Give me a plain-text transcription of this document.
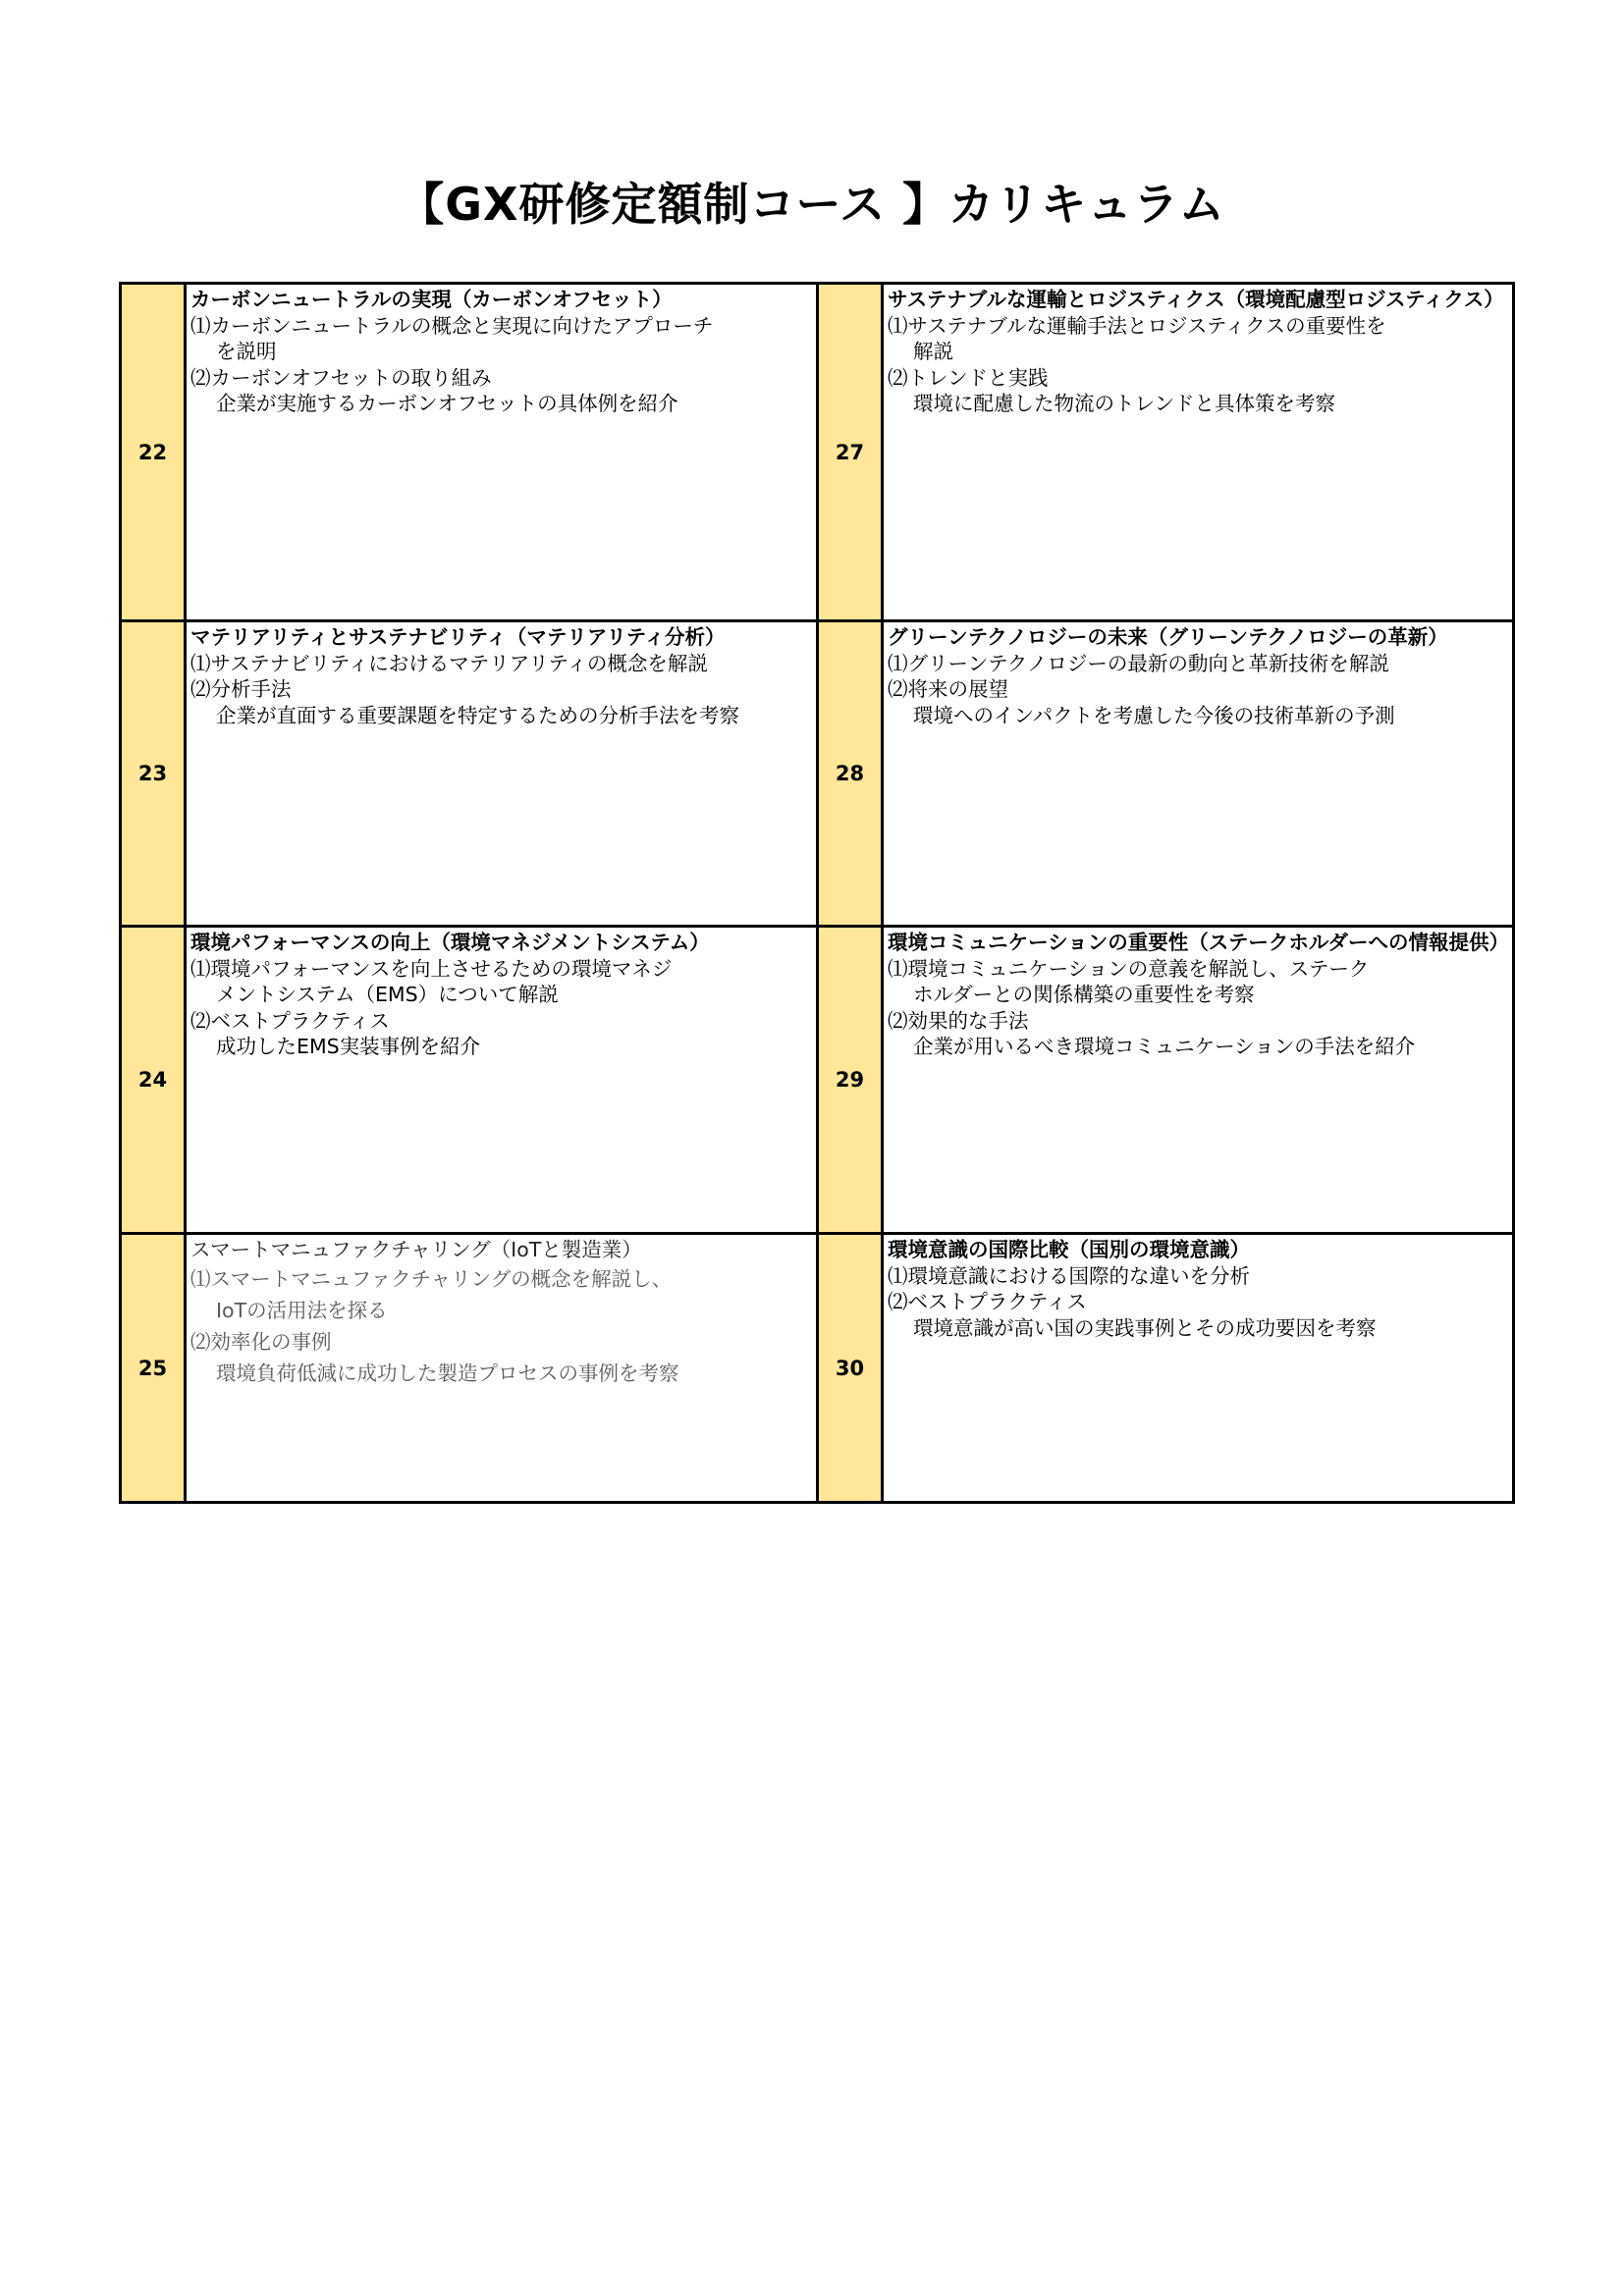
【GX研修定額制コース 】カリキュラム
22	カーボンニュートラルの実現（カーボンオフセット）
⑴カーボンニュートラルの概念と実現に向けたアプローチ
を説明
⑵カーボンオフセットの取り組み
企業が実施するカーボンオフセットの具体例を紹介	27	サステナブルな運輸とロジスティクス（環境配慮型ロジスティクス）
⑴サステナブルな運輸手法とロジスティクスの重要性を
解説
⑵トレンドと実践
環境に配慮した物流のトレンドと具体策を考察

23	マテリアリティとサステナビリティ（マテリアリティ分析）
⑴サステナビリティにおけるマテリアリティの概念を解説
⑵分析手法
企業が直面する重要課題を特定するための分析手法を考察	28	グリーンテクノロジーの未来（グリーンテクノロジーの革新）
⑴グリーンテクノロジーの最新の動向と革新技術を解説
⑵将来の展望
環境へのインパクトを考慮した今後の技術革新の予測

24	環境パフォーマンスの向上（環境マネジメントシステム）
⑴環境パフォーマンスを向上させるための環境マネジ
メントシステム（EMS）について解説
⑵ベストプラクティス
成功したEMS実装事例を紹介	29	環境コミュニケーションの重要性（ステークホルダーへの情報提供）
⑴環境コミュニケーションの意義を解説し、ステーク
ホルダーとの関係構築の重要性を考察
⑵効果的な手法
企業が用いるべき環境コミュニケーションの手法を紹介

25	スマートマニュファクチャリング（IoTと製造業）
⑴スマートマニュファクチャリングの概念を解説し、
IoTの活用法を探る
⑵効率化の事例
環境負荷低減に成功した製造プロセスの事例を考察	30	環境意識の国際比較（国別の環境意識）
⑴環境意識における国際的な違いを分析
⑵ベストプラクティス
環境意識が高い国の実践事例とその成功要因を考察
